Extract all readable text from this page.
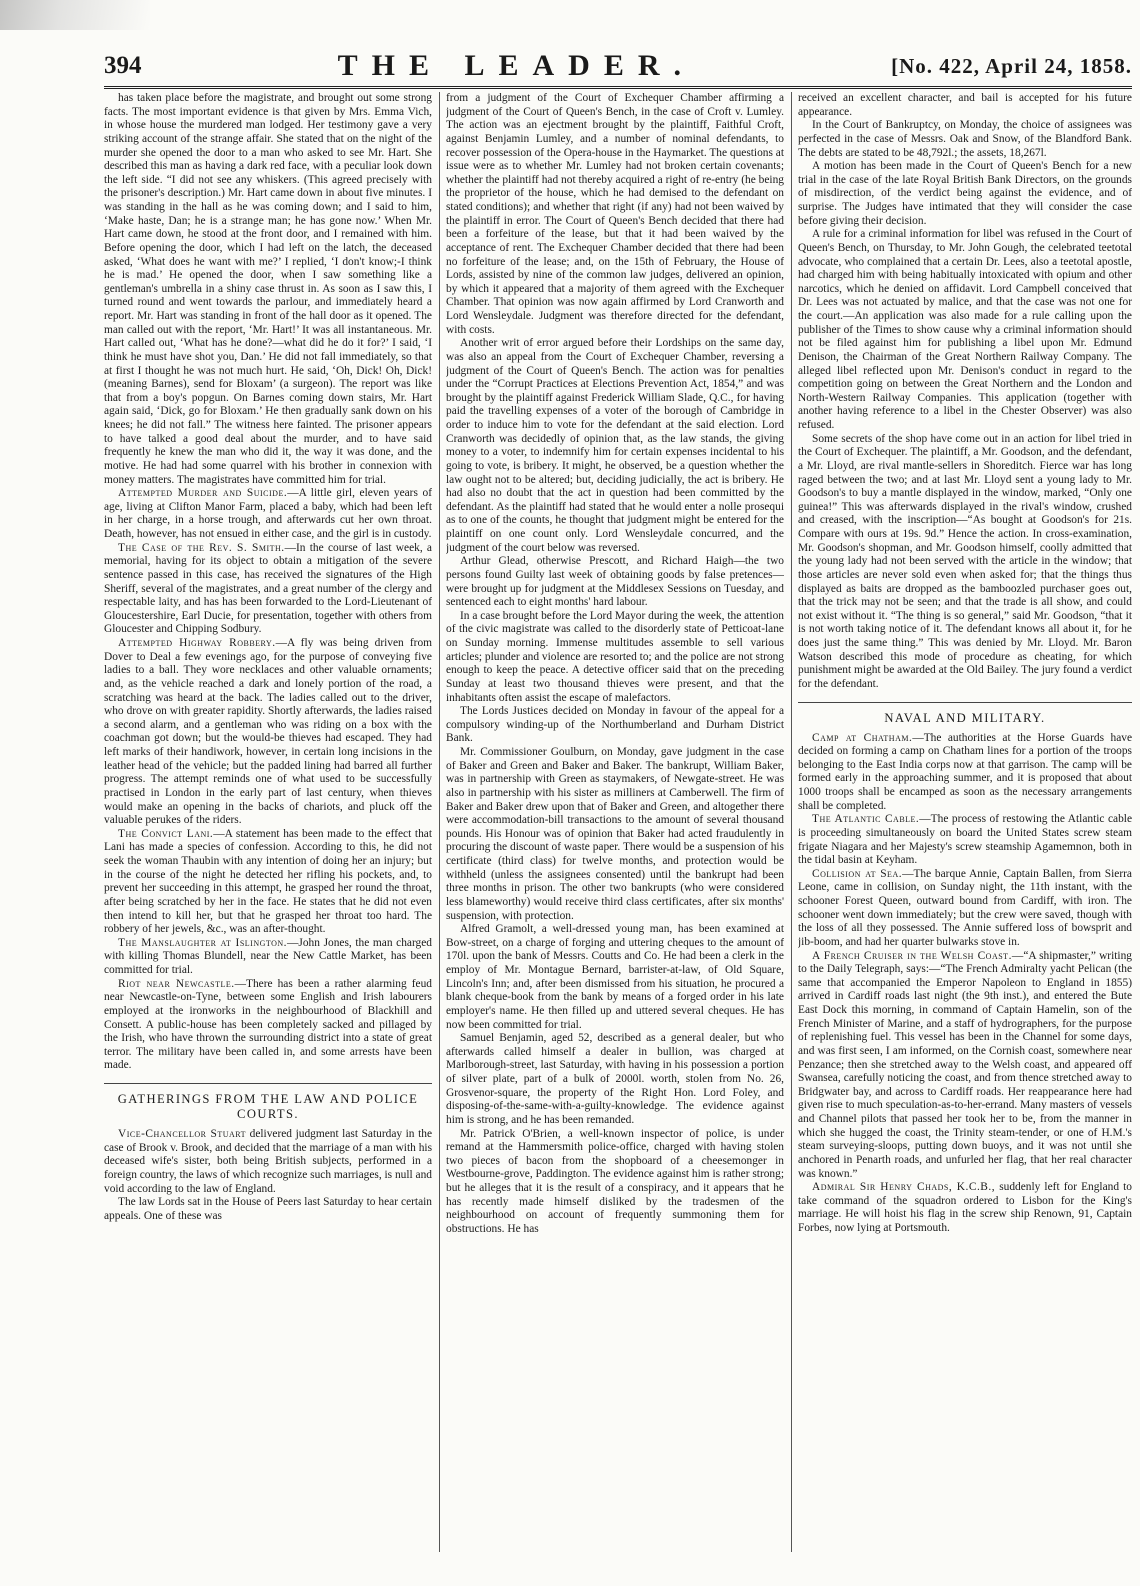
394	THE LEADER.	[No. 422, April 24, 1858.

has taken place before the magistrate, and brought out some strong facts. The most important evidence is that given by Mrs. Emma Vich, in whose house the murdered man lodged. Her testimony gave a very striking account of the strange affair. She stated that on the night of the murder she opened the door to a man who asked to see Mr. Hart. She described this man as having a dark red face, with a peculiar look down the left side. “I did not see any whiskers. (This agreed precisely with the prisoner's description.) Mr. Hart came down in about five minutes. I was standing in the hall as he was coming down; and I said to him, ‘Make haste, Dan; he is a strange man; he has gone now.’ When Mr. Hart came down, he stood at the front door, and I remained with him. Before opening the door, which I had left on the latch, the deceased asked, ‘What does he want with me?’ I replied, ‘I don't know;-I think he is mad.’ He opened the door, when I saw something like a gentleman's umbrella in a shiny case thrust in. As soon as I saw this, I turned round and went towards the parlour, and immediately heard a report. Mr. Hart was standing in front of the hall door as it opened. The man called out with the report, ‘Mr. Hart!’ It was all instantaneous. Mr. Hart called out, ‘What has he done?—what did he do it for?’ I said, ‘I think he must have shot you, Dan.’ He did not fall immediately, so that at first I thought he was not much hurt. He said, ‘Oh, Dick! Oh, Dick! (meaning Barnes), send for Bloxam’ (a surgeon). The report was like that from a boy's popgun. On Barnes coming down stairs, Mr. Hart again said, ‘Dick, go for Bloxam.’ He then gradually sank down on his knees; he did not fall.” The witness here fainted. The prisoner appears to have talked a good deal about the murder, and to have said frequently he knew the man who did it, the way it was done, and the motive. He had had some quarrel with his brother in connexion with money matters. The magistrates have committed him for trial.

Attempted Murder and Suicide.—A little girl, eleven years of age, living at Clifton Manor Farm, placed a baby, which had been left in her charge, in a horse trough, and afterwards cut her own throat. Death, however, has not ensued in either case, and the girl is in custody.

The Case of the Rev. S. Smith.—In the course of last week, a memorial, having for its object to obtain a mitigation of the severe sentence passed in this case, has received the signatures of the High Sheriff, several of the magistrates, and a great number of the clergy and respectable laity, and has has been forwarded to the Lord-Lieutenant of Gloucestershire, Earl Ducie, for presentation, together with others from Gloucester and Chipping Sodbury.

Attempted Highway Robbery.—A fly was being driven from Dover to Deal a few evenings ago, for the purpose of conveying five ladies to a ball. They wore necklaces and other valuable ornaments; and, as the vehicle reached a dark and lonely portion of the road, a scratching was heard at the back. The ladies called out to the driver, who drove on with greater rapidity. Shortly afterwards, the ladies raised a second alarm, and a gentleman who was riding on a box with the coachman got down; but the would-be thieves had escaped. They had left marks of their handiwork, however, in certain long incisions in the leather head of the vehicle; but the padded lining had barred all further progress. The attempt reminds one of what used to be successfully practised in London in the early part of last century, when thieves would make an opening in the backs of chariots, and pluck off the valuable perukes of the riders.

The Convict Lani.—A statement has been made to the effect that Lani has made a species of confession. According to this, he did not seek the woman Thaubin with any intention of doing her an injury; but in the course of the night he detected her rifling his pockets, and, to prevent her succeeding in this attempt, he grasped her round the throat, after being scratched by her in the face. He states that he did not even then intend to kill her, but that he grasped her throat too hard. The robbery of her jewels, &c., was an after-thought.

The Manslaughter at Islington.—John Jones, the man charged with killing Thomas Blundell, near the New Cattle Market, has been committed for trial.

Riot near Newcastle.—There has been a rather alarming feud near Newcastle-on-Tyne, between some English and Irish labourers employed at the ironworks in the neighbourhood of Blackhill and Consett. A public-house has been completely sacked and pillaged by the Irish, who have thrown the surrounding district into a state of great terror. The military have been called in, and some arrests have been made.

GATHERINGS FROM THE LAW AND POLICE COURTS.

Vice-Chancellor Stuart delivered judgment last Saturday in the case of Brook v. Brook, and decided that the marriage of a man with his deceased wife's sister, both being British subjects, performed in a foreign country, the laws of which recognize such marriages, is null and void according to the law of England.

The law Lords sat in the House of Peers last Saturday to hear certain appeals. One of these was

from a judgment of the Court of Exchequer Chamber affirming a judgment of the Court of Queen's Bench, in the case of Croft v. Lumley. The action was an ejectment brought by the plaintiff, Faithful Croft, against Benjamin Lumley, and a number of nominal defendants, to recover possession of the Opera-house in the Haymarket. The questions at issue were as to whether Mr. Lumley had not broken certain covenants; whether the plaintiff had not thereby acquired a right of re-entry (he being the proprietor of the house, which he had demised to the defendant on stated conditions); and whether that right (if any) had not been waived by the plaintiff in error. The Court of Queen's Bench decided that there had been a forfeiture of the lease, but that it had been waived by the acceptance of rent. The Exchequer Chamber decided that there had been no forfeiture of the lease; and, on the 15th of February, the House of Lords, assisted by nine of the common law judges, delivered an opinion, by which it appeared that a majority of them agreed with the Exchequer Chamber. That opinion was now again affirmed by Lord Cranworth and Lord Wensleydale. Judgment was therefore directed for the defendant, with costs.

Another writ of error argued before their Lordships on the same day, was also an appeal from the Court of Exchequer Chamber, reversing a judgment of the Court of Queen's Bench. The action was for penalties under the “Corrupt Practices at Elections Prevention Act, 1854,” and was brought by the plaintiff against Frederick William Slade, Q.C., for having paid the travelling expenses of a voter of the borough of Cambridge in order to induce him to vote for the defendant at the said election. Lord Cranworth was decidedly of opinion that, as the law stands, the giving money to a voter, to indemnify him for certain expenses incidental to his going to vote, is bribery. It might, he observed, be a question whether the law ought not to be altered; but, deciding judicially, the act is bribery. He had also no doubt that the act in question had been committed by the defendant. As the plaintiff had stated that he would enter a nolle prosequi as to one of the counts, he thought that judgment might be entered for the plaintiff on one count only. Lord Wensleydale concurred, and the judgment of the court below was reversed.

Arthur Glead, otherwise Prescott, and Richard Haigh—the two persons found Guilty last week of obtaining goods by false pretences—were brought up for judgment at the Middlesex Sessions on Tuesday, and sentenced each to eight months' hard labour.

In a case brought before the Lord Mayor during the week, the attention of the civic magistrate was called to the disorderly state of Petticoat-lane on Sunday morning. Immense multitudes assemble to sell various articles; plunder and violence are resorted to; and the police are not strong enough to keep the peace. A detective officer said that on the preceding Sunday at least two thousand thieves were present, and that the inhabitants often assist the escape of malefactors.

The Lords Justices decided on Monday in favour of the appeal for a compulsory winding-up of the Northumberland and Durham District Bank.

Mr. Commissioner Goulburn, on Monday, gave judgment in the case of Baker and Green and Baker and Baker. The bankrupt, William Baker, was in partnership with Green as staymakers, of Newgate-street. He was also in partnership with his sister as milliners at Camberwell. The firm of Baker and Baker drew upon that of Baker and Green, and altogether there were accommodation-bill transactions to the amount of several thousand pounds. His Honour was of opinion that Baker had acted fraudulently in procuring the discount of waste paper. There would be a suspension of his certificate (third class) for twelve months, and protection would be withheld (unless the assignees consented) until the bankrupt had been three months in prison. The other two bankrupts (who were considered less blameworthy) would receive third class certificates, after six months' suspension, with protection.

Alfred Gramolt, a well-dressed young man, has been examined at Bow-street, on a charge of forging and uttering cheques to the amount of 170l. upon the bank of Messrs. Coutts and Co. He had been a clerk in the employ of Mr. Montague Bernard, barrister-at-law, of Old Square, Lincoln's Inn; and, after been dismissed from his situation, he procured a blank cheque-book from the bank by means of a forged order in his late employer's name. He then filled up and uttered several cheques. He has now been committed for trial.

Samuel Benjamin, aged 52, described as a general dealer, but who afterwards called himself a dealer in bullion, was charged at Marlborough-street, last Saturday, with having in his possession a portion of silver plate, part of a bulk of 2000l. worth, stolen from No. 26, Grosvenor-square, the property of the Right Hon. Lord Foley, and disposing-of-the-same-with-a-guilty-knowledge. The evidence against him is strong, and he has been remanded.

Mr. Patrick O'Brien, a well-known inspector of police, is under remand at the Hammersmith police-office, charged with having stolen two pieces of bacon from the shopboard of a cheesemonger in Westbourne-grove, Paddington. The evidence against him is rather strong; but he alleges that it is the result of a conspiracy, and it appears that he has recently made himself disliked by the tradesmen of the neighbourhood on account of frequently summoning them for obstructions. He has

received an excellent character, and bail is accepted for his future appearance.

In the Court of Bankruptcy, on Monday, the choice of assignees was perfected in the case of Messrs. Oak and Snow, of the Blandford Bank. The debts are stated to be 48,792l.; the assets, 18,267l.

A motion has been made in the Court of Queen's Bench for a new trial in the case of the late Royal British Bank Directors, on the grounds of misdirection, of the verdict being against the evidence, and of surprise. The Judges have intimated that they will consider the case before giving their decision.

A rule for a criminal information for libel was refused in the Court of Queen's Bench, on Thursday, to Mr. John Gough, the celebrated teetotal advocate, who complained that a certain Dr. Lees, also a teetotal apostle, had charged him with being habitually intoxicated with opium and other narcotics, which he denied on affidavit. Lord Campbell conceived that Dr. Lees was not actuated by malice, and that the case was not one for the court.—An application was also made for a rule calling upon the publisher of the Times to show cause why a criminal information should not be filed against him for publishing a libel upon Mr. Edmund Denison, the Chairman of the Great Northern Railway Company. The alleged libel reflected upon Mr. Denison's conduct in regard to the competition going on between the Great Northern and the London and North-Western Railway Companies. This application (together with another having reference to a libel in the Chester Observer) was also refused.

Some secrets of the shop have come out in an action for libel tried in the Court of Exchequer. The plaintiff, a Mr. Goodson, and the defendant, a Mr. Lloyd, are rival mantle-sellers in Shoreditch. Fierce war has long raged between the two; and at last Mr. Lloyd sent a young lady to Mr. Goodson's to buy a mantle displayed in the window, marked, “Only one guinea!” This was afterwards displayed in the rival's window, crushed and creased, with the inscription—“As bought at Goodson's for 21s. Compare with ours at 19s. 9d.” Hence the action. In cross-examination, Mr. Goodson's shopman, and Mr. Goodson himself, coolly admitted that the young lady had not been served with the article in the window; that those articles are never sold even when asked for; that the things thus displayed as baits are dropped as the bamboozled purchaser goes out, that the trick may not be seen; and that the trade is all show, and could not exist without it. “The thing is so general,” said Mr. Goodson, “that it is not worth taking notice of it. The defendant knows all about it, for he does just the same thing.” This was denied by Mr. Lloyd. Mr. Baron Watson described this mode of procedure as cheating, for which punishment might be awarded at the Old Bailey. The jury found a verdict for the defendant.

NAVAL AND MILITARY.

Camp at Chatham.—The authorities at the Horse Guards have decided on forming a camp on Chatham lines for a portion of the troops belonging to the East India corps now at that garrison. The camp will be formed early in the approaching summer, and it is proposed that about 1000 troops shall be encamped as soon as the necessary arrangements shall be completed.

The Atlantic Cable.—The process of restowing the Atlantic cable is proceeding simultaneously on board the United States screw steam frigate Niagara and her Majesty's screw steamship Agamemnon, both in the tidal basin at Keyham.

Collision at Sea.—The barque Annie, Captain Ballen, from Sierra Leone, came in collision, on Sunday night, the 11th instant, with the schooner Forest Queen, outward bound from Cardiff, with iron. The schooner went down immediately; but the crew were saved, though with the loss of all they possessed. The Annie suffered loss of bowsprit and jib-boom, and had her quarter bulwarks stove in.

A French Cruiser in the Welsh Coast.—“A shipmaster,” writing to the Daily Telegraph, says:—“The French Admiralty yacht Pelican (the same that accompanied the Emperor Napoleon to England in 1855) arrived in Cardiff roads last night (the 9th inst.), and entered the Bute East Dock this morning, in command of Captain Hamelin, son of the French Minister of Marine, and a staff of hydrographers, for the purpose of replenishing fuel. This vessel has been in the Channel for some days, and was first seen, I am informed, on the Cornish coast, somewhere near Penzance; then she stretched away to the Welsh coast, and appeared off Swansea, carefully noticing the coast, and from thence stretched away to Bridgwater bay, and across to Cardiff roads. Her reappearance here had given rise to much speculation-as-to-her-errand. Many masters of vessels and Channel pilots that passed her took her to be, from the manner in which she hugged the coast, the Trinity steam-tender, or one of H.M.'s steam surveying-sloops, putting down buoys, and it was not until she anchored in Penarth roads, and unfurled her flag, that her real character was known.”

Admiral Sir Henry Chads, K.C.B., suddenly left for England to take command of the squadron ordered to Lisbon for the King's marriage. He will hoist his flag in the screw ship Renown, 91, Captain Forbes, now lying at Portsmouth.
